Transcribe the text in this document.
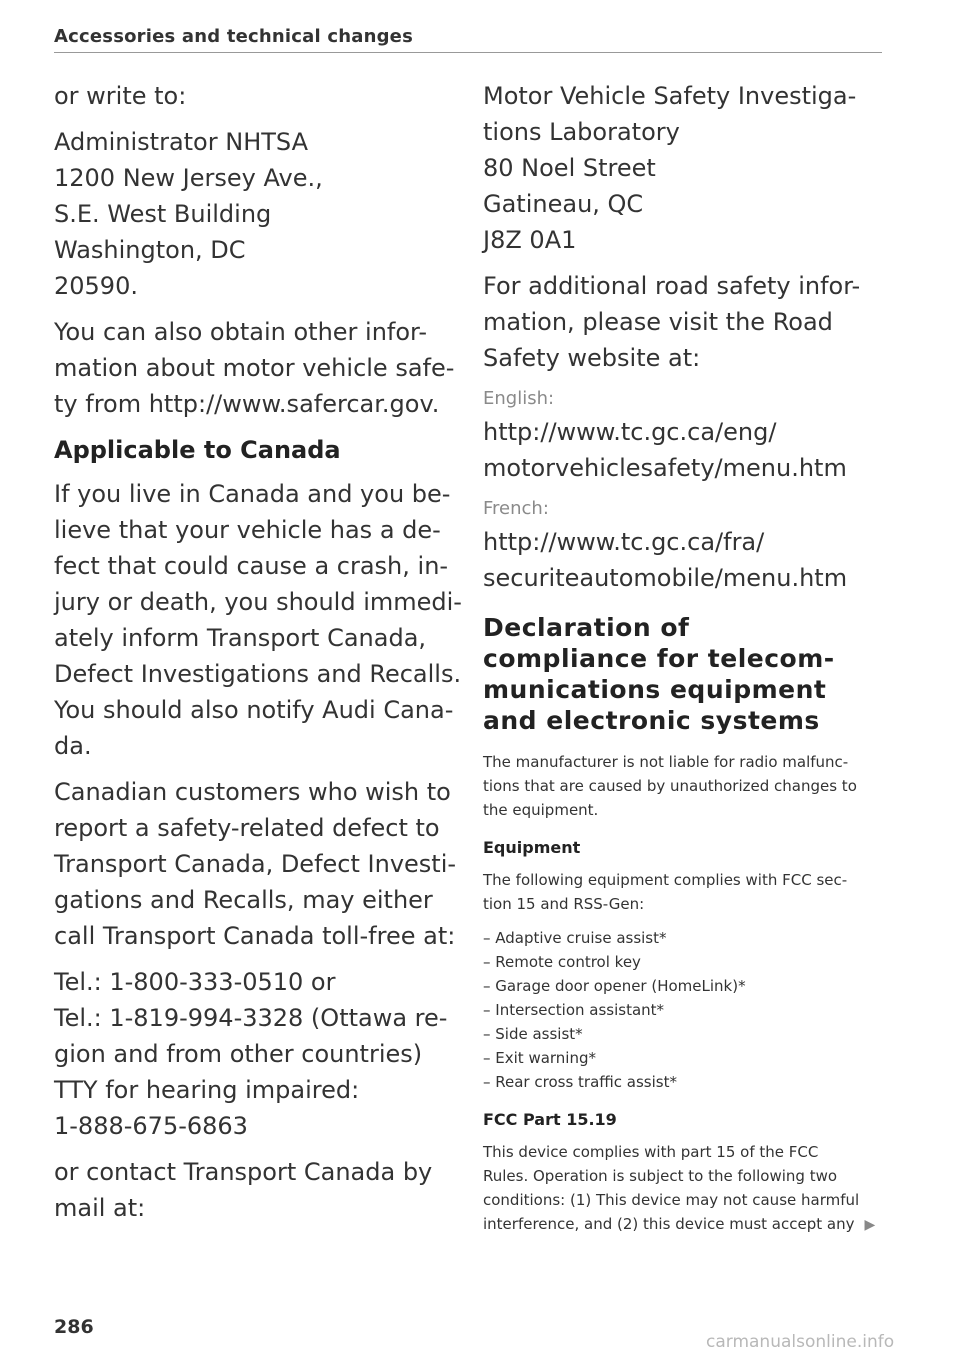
Accessories and technical changes
or write to:
Administrator NHTSA
1200 New Jersey Ave.,
S.E. West Building
Washington, DC
20590.
You can also obtain other infor-
mation about motor vehicle safe-
ty from http://www.safercar.gov.
Applicable to Canada
If you live in Canada and you be-
lieve that your vehicle has a de-
fect that could cause a crash, in-
jury or death, you should immedi-
ately inform Transport Canada,
Defect Investigations and Recalls.
You should also notify Audi Cana-
da.
Canadian customers who wish to
report a safety-related defect to
Transport Canada, Defect Investi-
gations and Recalls, may either
call Transport Canada toll-free at:
Tel.: 1-800-333-0510 or
Tel.: 1-819-994-3328 (Ottawa re-
gion and from other countries)
TTY for hearing impaired:
1-888-675-6863
or contact Transport Canada by
mail at:
Motor Vehicle Safety Investiga-
tions Laboratory
80 Noel Street
Gatineau, QC
J8Z 0A1
For additional road safety infor-
mation, please visit the Road
Safety website at:
English:
http://www.tc.gc.ca/eng/
motorvehiclesafety/menu.htm
French:
http://www.tc.gc.ca/fra/
securiteautomobile/menu.htm
Declaration of
compliance for telecom-
munications equipment
and electronic systems
The manufacturer is not liable for radio malfunc-
tions that are caused by unauthorized changes to
the equipment.
Equipment
The following equipment complies with FCC sec-
tion 15 and RSS-Gen:
– Adaptive cruise assist*
– Remote control key
– Garage door opener (HomeLink)*
– Intersection assistant*
– Side assist*
– Exit warning*
– Rear cross traffic assist*
FCC Part 15.19
This device complies with part 15 of the FCC
Rules. Operation is subject to the following two
conditions: (1) This device may not cause harmful
interference, and (2) this device must accept any ▶
286
carmanualsonline.info
